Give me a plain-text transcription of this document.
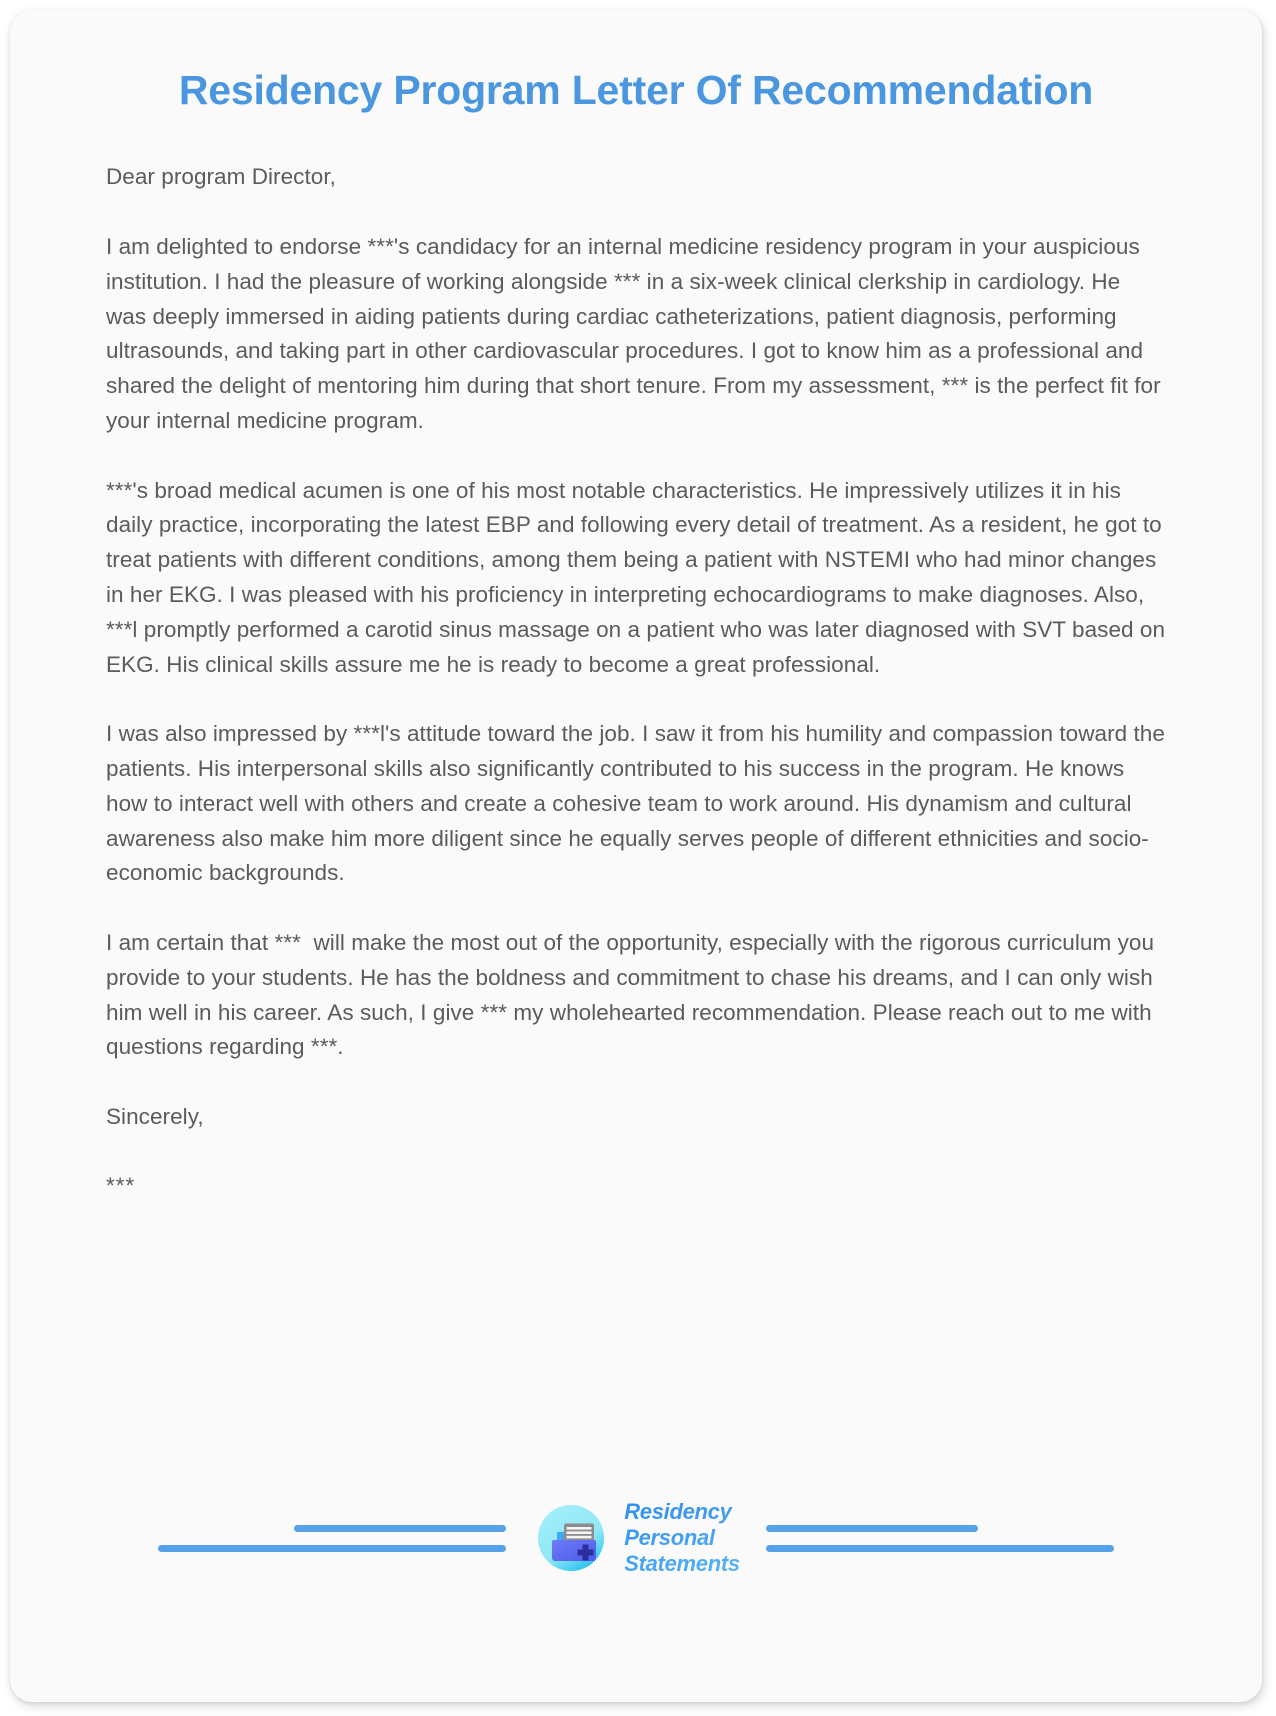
Residency Program Letter Of Recommendation

Dear program Director,

I am delighted to endorse ***'s candidacy for an internal medicine residency program in your auspicious institution. I had the pleasure of working alongside *** in a six-week clinical clerkship in cardiology. He was deeply immersed in aiding patients during cardiac catheterizations, patient diagnosis, performing ultrasounds, and taking part in other cardiovascular procedures. I got to know him as a professional and shared the delight of mentoring him during that short tenure. From my assessment, *** is the perfect fit for your internal medicine program.

***'s broad medical acumen is one of his most notable characteristics. He impressively utilizes it in his daily practice, incorporating the latest EBP and following every detail of treatment. As a resident, he got to treat patients with different conditions, among them being a patient with NSTEMI who had minor changes in her EKG. I was pleased with his proficiency in interpreting echocardiograms to make diagnoses. Also, ***l promptly performed a carotid sinus massage on a patient who was later diagnosed with SVT based on EKG. His clinical skills assure me he is ready to become a great professional.

I was also impressed by ***l's attitude toward the job. I saw it from his humility and compassion toward the patients. His interpersonal skills also significantly contributed to his success in the program. He knows how to interact well with others and create a cohesive team to work around. His dynamism and cultural awareness also make him more diligent since he equally serves people of different ethnicities and socio-economic backgrounds.

I am certain that ***  will make the most out of the opportunity, especially with the rigorous curriculum you provide to your students. He has the boldness and commitment to chase his dreams, and I can only wish him well in his career. As such, I give *** my wholehearted recommendation. Please reach out to me with questions regarding ***.

Sincerely,

***

Residency
Personal
Statements
